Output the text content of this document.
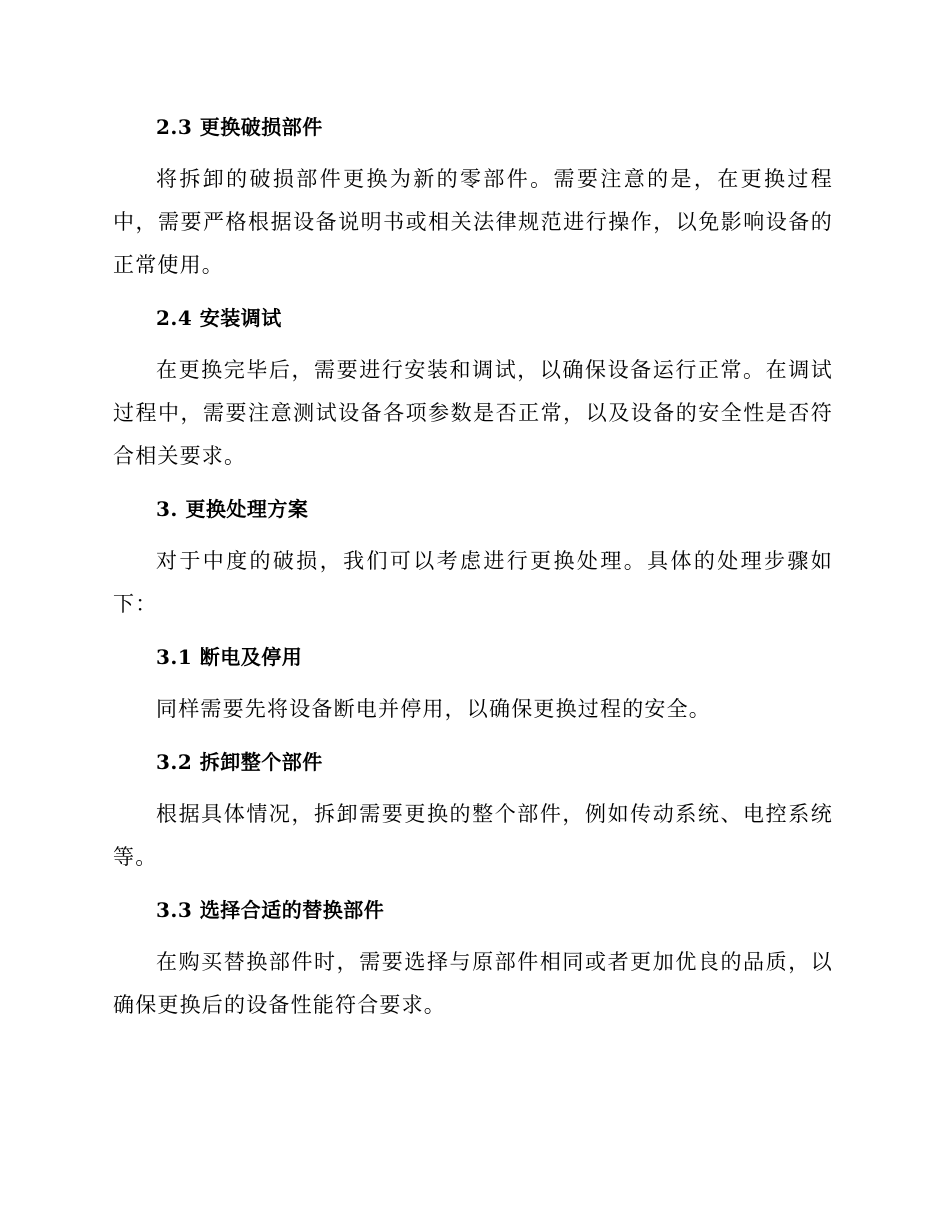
2.3 更换破损部件

将拆卸的破损部件更换为新的零部件。需要注意的是，在更换过程中，需要严格根据设备说明书或相关法律规范进行操作，以免影响设备的正常使用。

2.4 安装调试

在更换完毕后，需要进行安装和调试，以确保设备运行正常。在调试过程中，需要注意测试设备各项参数是否正常，以及设备的安全性是否符合相关要求。

3. 更换处理方案

对于中度的破损，我们可以考虑进行更换处理。具体的处理步骤如下：

3.1 断电及停用

同样需要先将设备断电并停用，以确保更换过程的安全。

3.2 拆卸整个部件

根据具体情况，拆卸需要更换的整个部件，例如传动系统、电控系统等。

3.3 选择合适的替换部件

在购买替换部件时，需要选择与原部件相同或者更加优良的品质，以确保更换后的设备性能符合要求。
